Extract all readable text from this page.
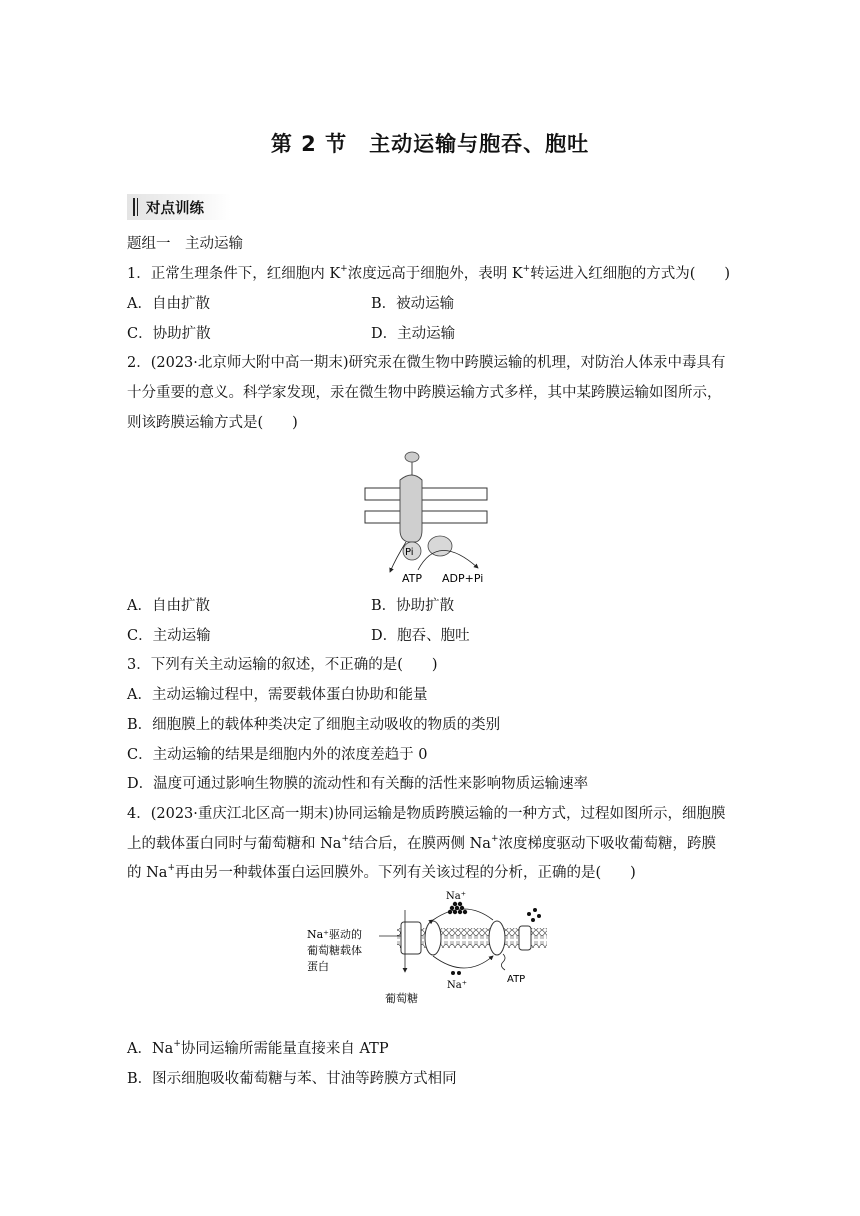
第 2 节 主动运输与胞吞、胞吐
对点训练
题组一　主动运输
1．正常生理条件下，红细胞内 K+浓度远高于细胞外，表明 K+转运进入红细胞的方式为(　　)
A．自由扩散	B．被动运输
C．协助扩散	D．主动运输
2．(2023·北京师大附中高一期末)研究汞在微生物中跨膜运输的机理，对防治人体汞中毒具有
十分重要的意义。科学家发现，汞在微生物中跨膜运输方式多样，其中某跨膜运输如图所示，
则该跨膜运输方式是(　　)
Pi
ATP ADP+Pi
A．自由扩散	B．协助扩散
C．主动运输	D．胞吞、胞吐
3．下列有关主动运输的叙述，不正确的是(　　)
A．主动运输过程中，需要载体蛋白协助和能量
B．细胞膜上的载体种类决定了细胞主动吸收的物质的类别
C．主动运输的结果是细胞内外的浓度差趋于 0
D．温度可通过影响生物膜的流动性和有关酶的活性来影响物质运输速率
4．(2023·重庆江北区高一期末)协同运输是物质跨膜运输的一种方式，过程如图所示，细胞膜
上的载体蛋白同时与葡萄糖和 Na+结合后，在膜两侧 Na+浓度梯度驱动下吸收葡萄糖，跨膜
的 Na+再由另一种载体蛋白运回膜外。下列有关该过程的分析，正确的是(　　)
Na⁺
Na⁺
ATP
Na⁺驱动的
葡萄糖载体
蛋白
葡萄糖
A．Na+协同运输所需能量直接来自 ATP
B．图示细胞吸收葡萄糖与苯、甘油等跨膜方式相同
